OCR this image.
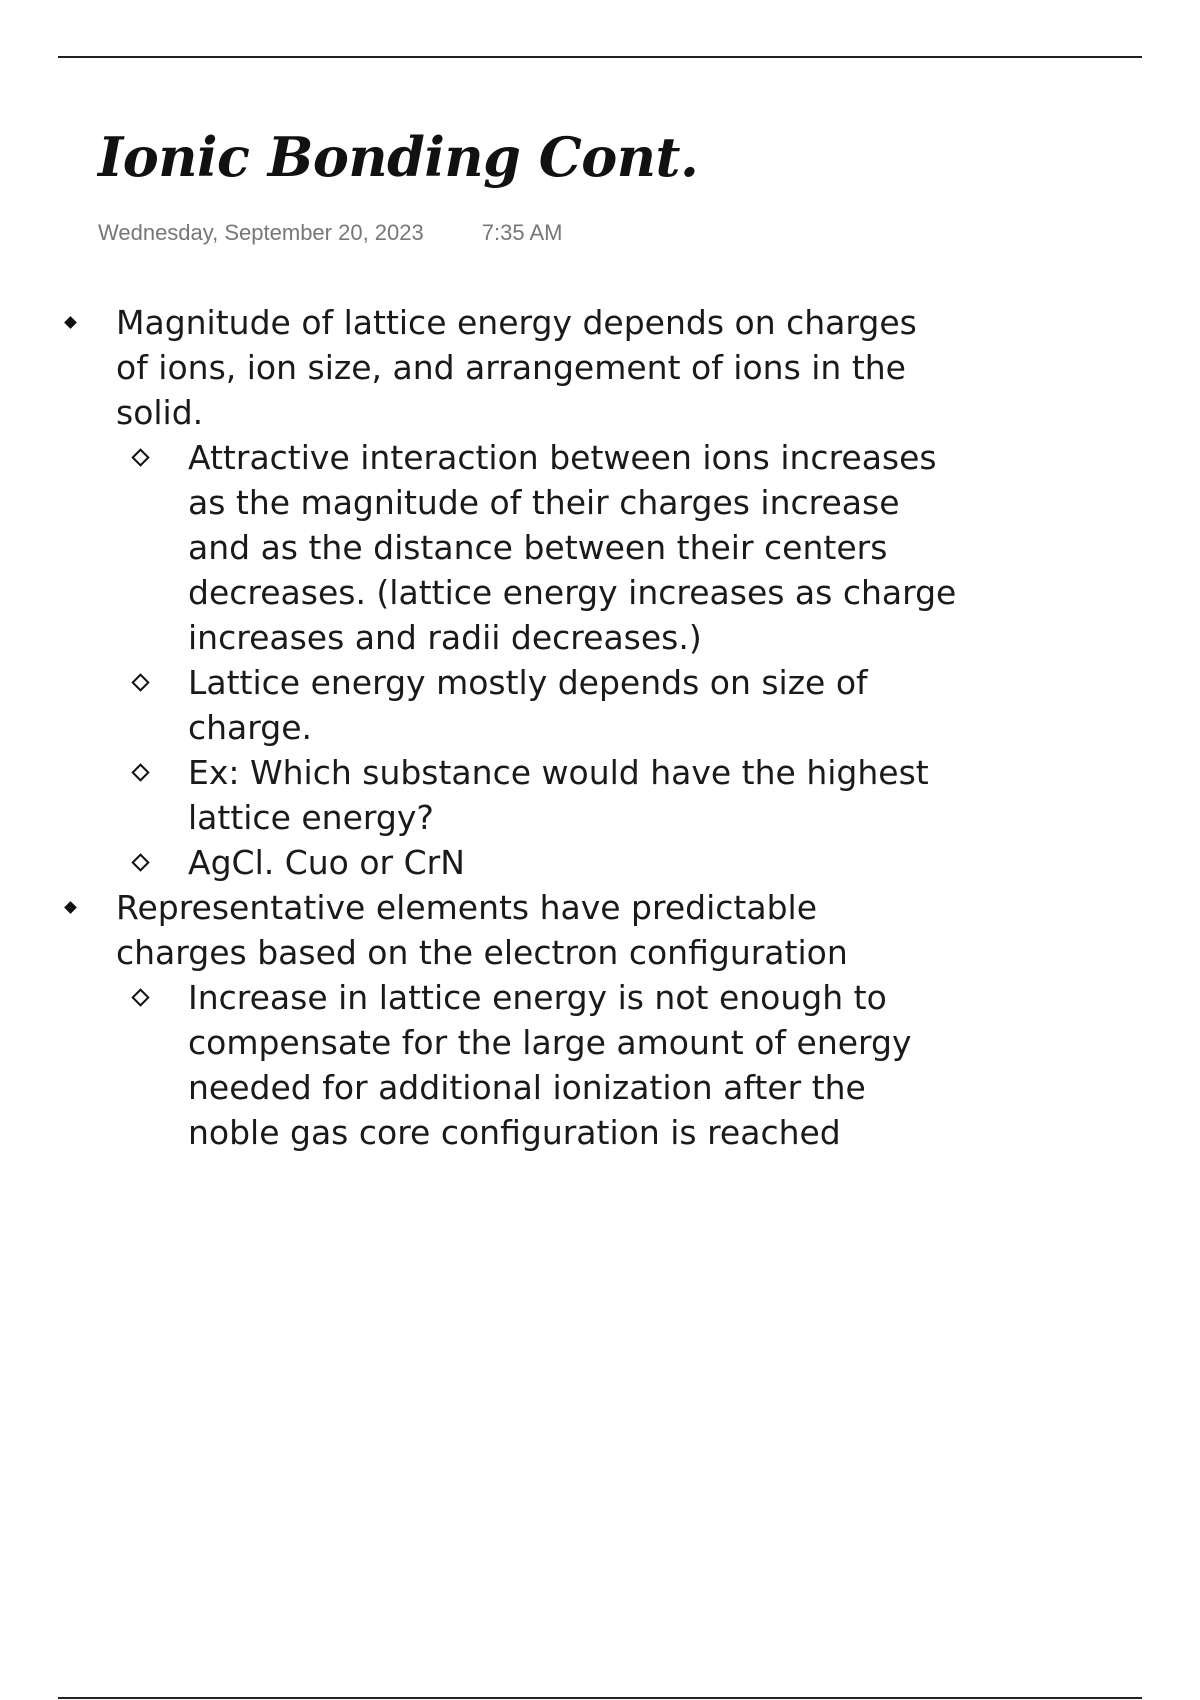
Ionic Bonding Cont.
Wednesday, September 20, 2023	7:35 AM
Magnitude of lattice energy depends on charges of ions, ion size, and arrangement of ions in the solid.
Attractive interaction between ions increases as the magnitude of their charges increase and as the distance between their centers decreases. (lattice energy increases as charge increases and radii decreases.)
Lattice energy mostly depends on size of charge.
Ex: Which substance would have the highest lattice energy?
AgCl. Cuo or CrN
Representative elements have predictable charges based on the electron configuration
Increase in lattice energy is not enough to compensate for the large amount of energy needed for additional ionization after the noble gas core configuration is reached
